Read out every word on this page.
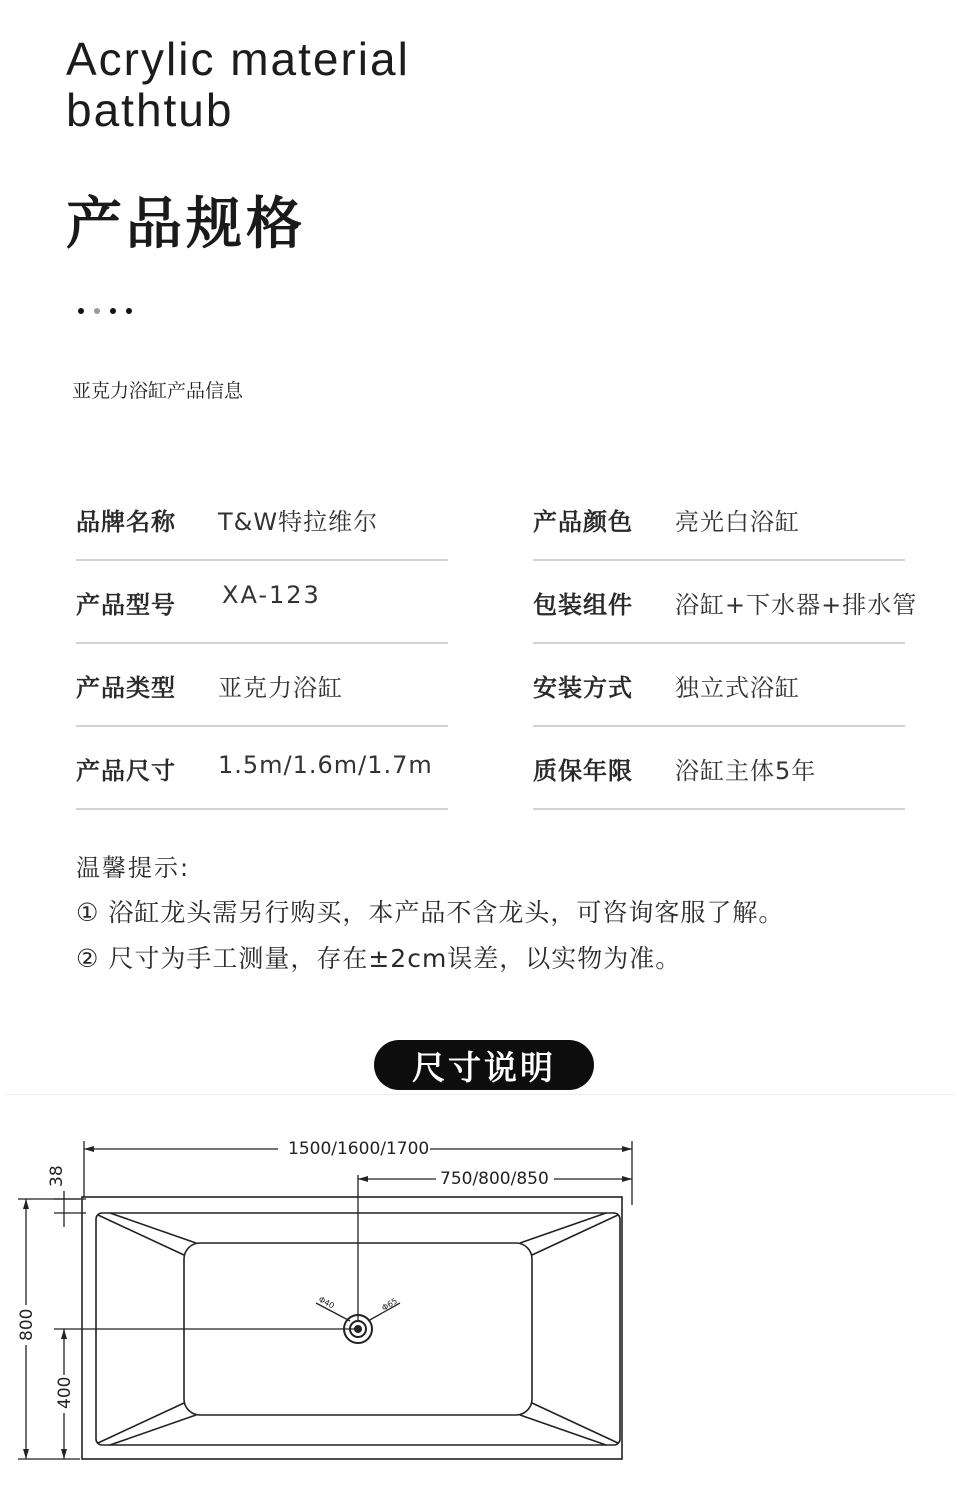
Acrylic material
bathtub
产品规格
亚克力浴缸产品信息
品牌名称 T&W特拉维尔
产品型号 XA-123
产品类型 亚克力浴缸
产品尺寸 1.5m/1.6m/1.7m
产品颜色 亮光白浴缸
包装组件 浴缸+下水器+排水管
安装方式 独立式浴缸
质保年限 浴缸主体5年
温馨提示:
① 浴缸龙头需另行购买，本产品不含龙头，可咨询客服了解。
② 尺寸为手工测量，存在±2cm误差，以实物为准。
尺寸说明
1500/1600/1700
750/800/850
38
800
400
Φ40	Φ65
